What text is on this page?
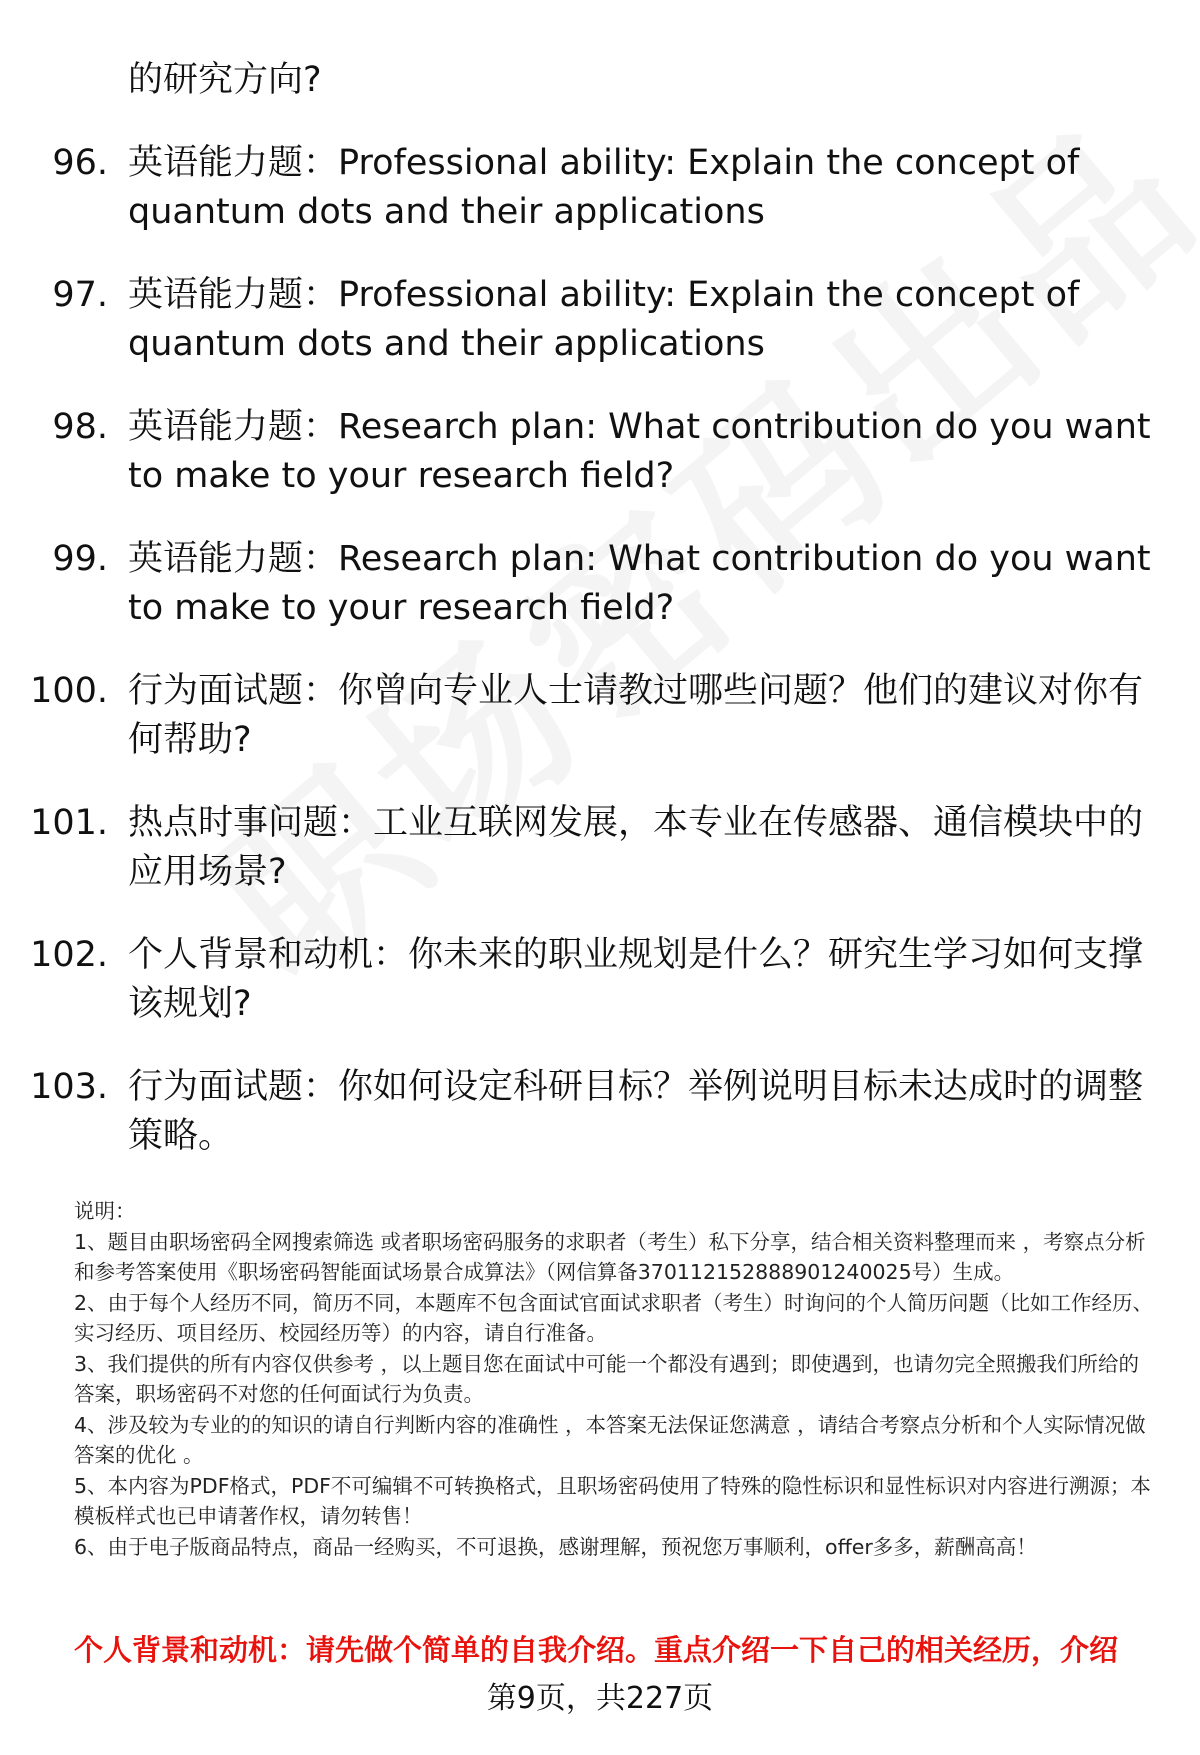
的研究方向?
96. 英语能力题：Professional ability: Explain the concept of quantum dots and their applications
97. 英语能力题：Professional ability: Explain the concept of quantum dots and their applications
98. 英语能力题：Research plan: What contribution do you want to make to your research field?
99. 英语能力题：Research plan: What contribution do you want to make to your research field?
100. 行为面试题：你曾向专业人士请教过哪些问题？他们的建议对你有何帮助?
101. 热点时事问题：工业互联网发展，本专业在传感器、通信模块中的应用场景?
102. 个人背景和动机：你未来的职业规划是什么？研究生学习如何支撑该规划?
103. 行为面试题：你如何设定科研目标？举例说明目标未达成时的调整策略。

说明：

1、题目由职场密码全网搜索筛选 或者职场密码服务的求职者（考生）私下分享，结合相关资料整理而来 ，考察点分析和参考答案使用《职场密码智能面试场景合成算法》（网信算备370112152888901240025号）生成。

2、由于每个人经历不同，简历不同，本题库不包含面试官面试求职者（考生）时询问的个人简历问题（比如工作经历、实习经历、项目经历、校园经历等）的内容，请自行准备。

3、我们提供的所有内容仅供参考 ，以上题目您在面试中可能一个都没有遇到；即使遇到，也请勿完全照搬我们所给的答案，职场密码不对您的任何面试行为负责。

4、涉及较为专业的的知识的请自行判断内容的准确性 ，本答案无法保证您满意 ，请结合考察点分析和个人实际情况做答案的优化 。

5、本内容为PDF格式，PDF不可编辑不可转换格式，且职场密码使用了特殊的隐性标识和显性标识对内容进行溯源；本模板样式也已申请著作权，请勿转售！

6、由于电子版商品特点，商品一经购买，不可退换，感谢理解，预祝您万事顺利，offer多多，薪酬高高！

个人背景和动机：请先做个简单的自我介绍。重点介绍一下自己的相关经历，介绍
第9页，共227页
